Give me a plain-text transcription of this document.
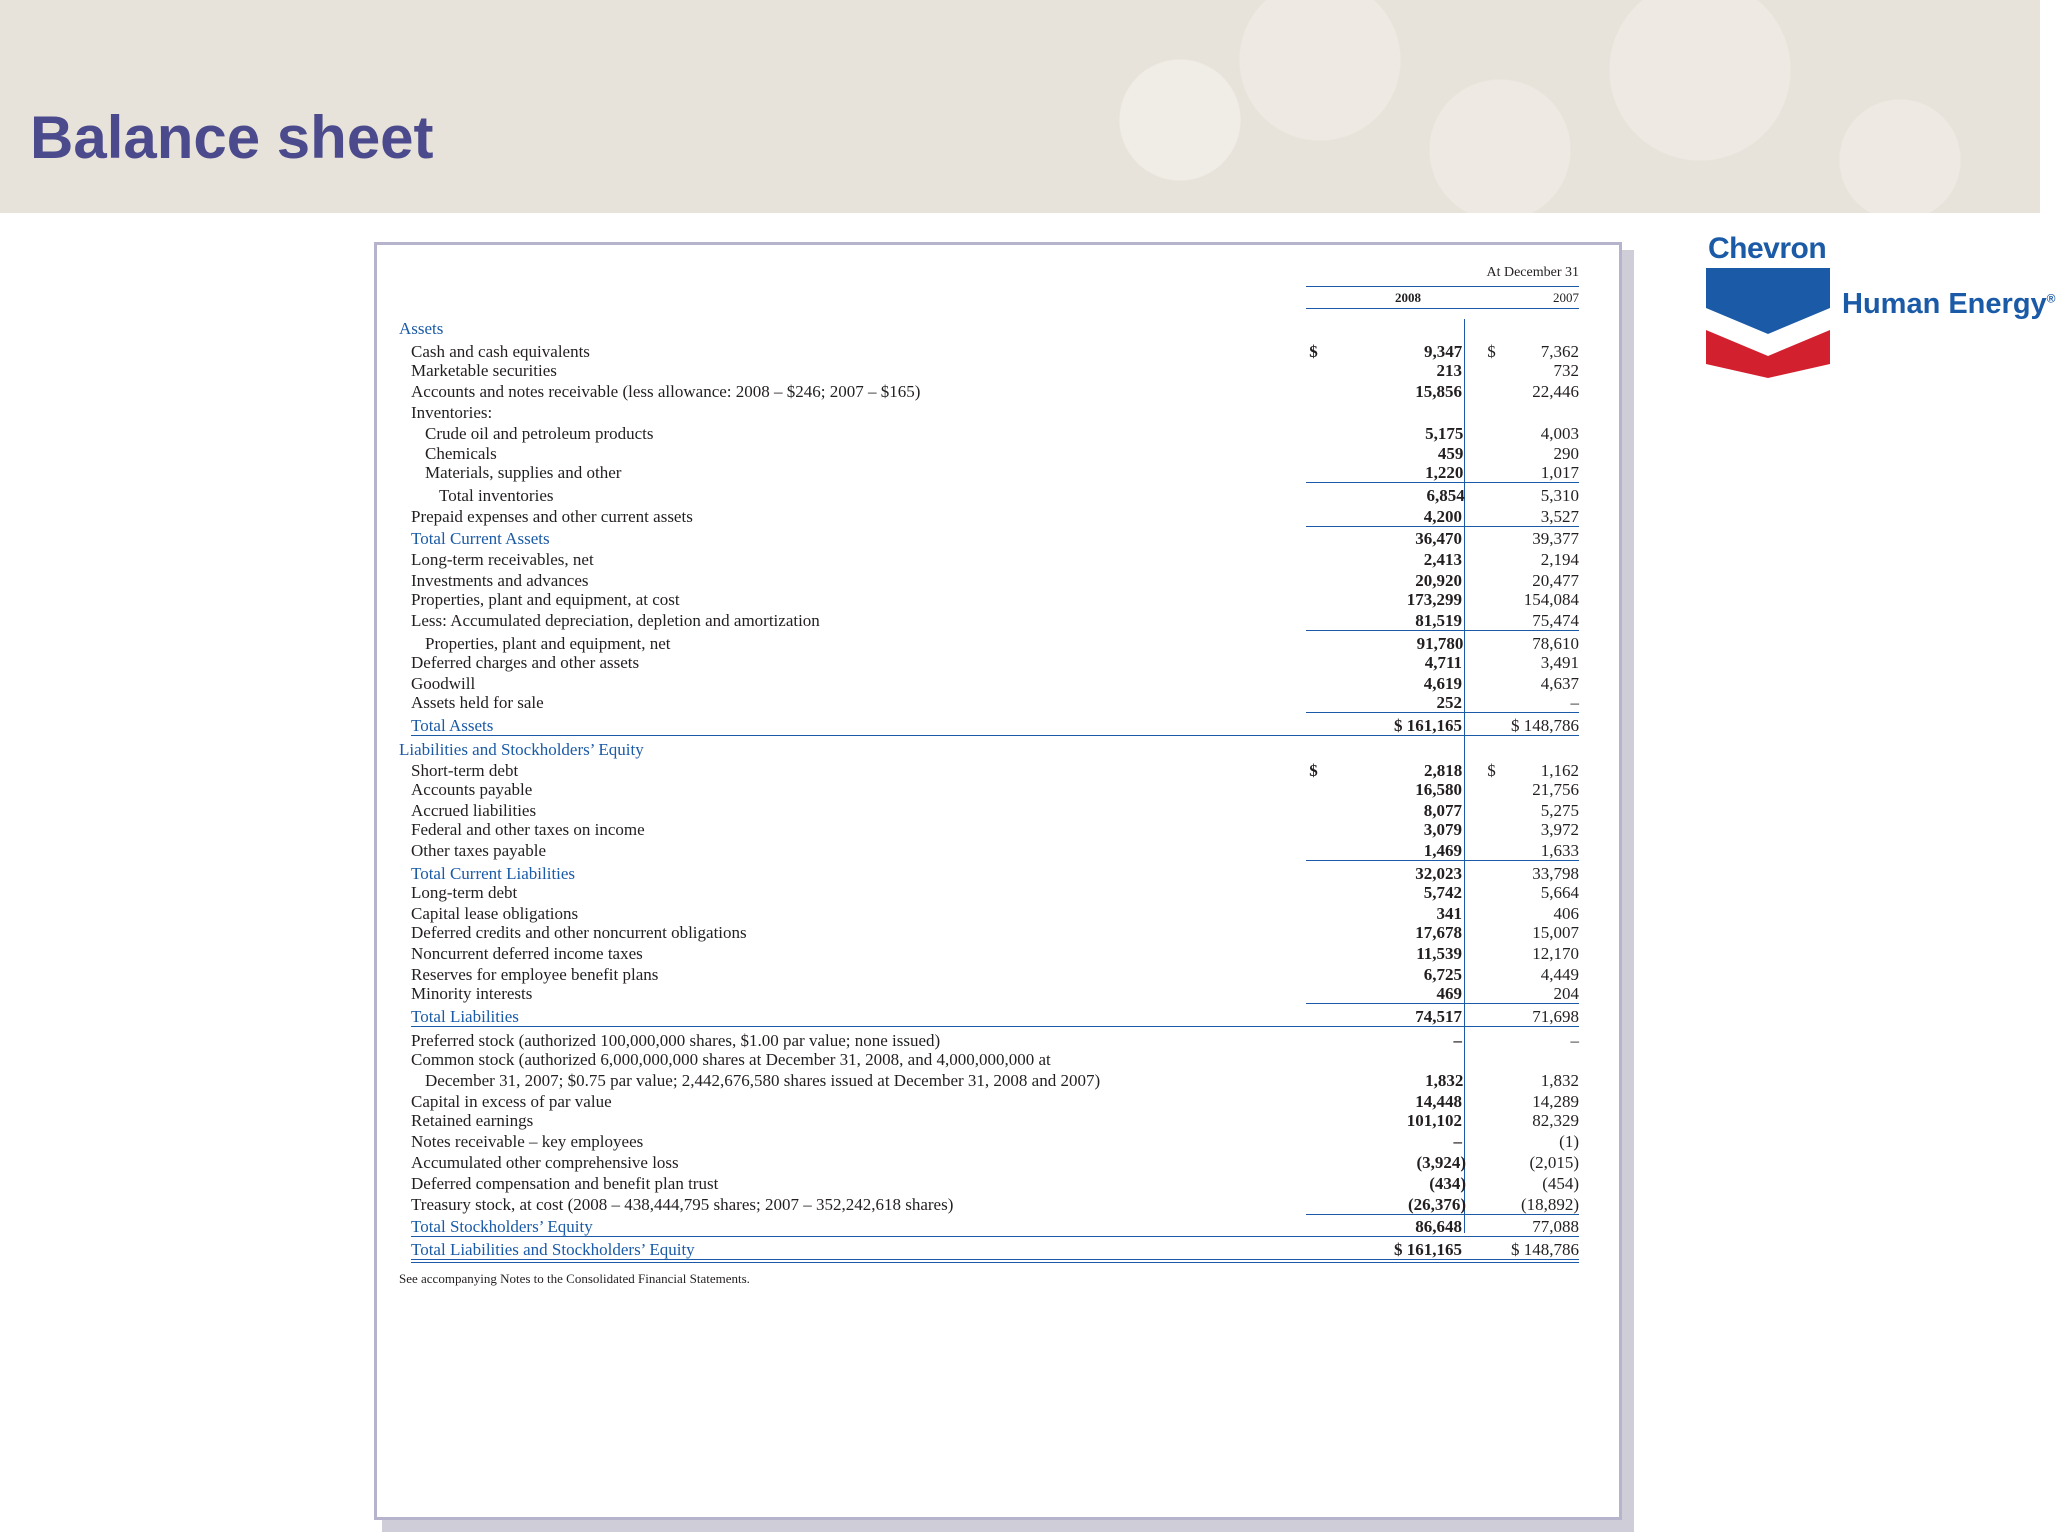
Balance sheet
Chevron
Human Energy®
At December 31
2008	2007
Assets
Cash and cash equivalents	$	9,347 $	7,362
Marketable securities	213	732
Accounts and notes receivable (less allowance: 2008 – $246; 2007 – $165)	15,856	22,446
Inventories:
Crude oil and petroleum products	5,175	4,003
Chemicals	459	290
Materials, supplies and other	1,220	1,017
Total inventories	6,854	5,310
Prepaid expenses and other current assets	4,200	3,527
Total Current Assets	36,470	39,377
Long-term receivables, net	2,413	2,194
Investments and advances	20,920	20,477
Properties, plant and equipment, at cost	173,299	154,084
Less: Accumulated depreciation, depletion and amortization	81,519	75,474
Properties, plant and equipment, net	91,780	78,610
Deferred charges and other assets	4,711	3,491
Goodwill	4,619	4,637
Assets held for sale	252	–
Total Assets	$ 161,165	$ 148,786
Liabilities and Stockholders’ Equity
Short-term debt	$	2,818 $	1,162
Accounts payable	16,580	21,756
Accrued liabilities	8,077	5,275
Federal and other taxes on income	3,079	3,972
Other taxes payable	1,469	1,633
Total Current Liabilities	32,023	33,798
Long-term debt	5,742	5,664
Capital lease obligations	341	406
Deferred credits and other noncurrent obligations	17,678	15,007
Noncurrent deferred income taxes	11,539	12,170
Reserves for employee benefit plans	6,725	4,449
Minority interests	469	204
Total Liabilities	74,517	71,698
Preferred stock (authorized 100,000,000 shares, $1.00 par value; none issued)	–	–
Common stock (authorized 6,000,000,000 shares at December 31, 2008, and 4,000,000,000 at
December 31, 2007; $0.75 par value; 2,442,676,580 shares issued at December 31, 2008 and 2007)	1,832	1,832
Capital in excess of par value	14,448	14,289
Retained earnings	101,102	82,329
Notes receivable – key employees	–	(1)
Accumulated other comprehensive loss	(3,924)	(2,015)
Deferred compensation and benefit plan trust	(434)	(454)
Treasury stock, at cost (2008 – 438,444,795 shares; 2007 – 352,242,618 shares)	(26,376)	(18,892)
Total Stockholders’ Equity	86,648	77,088
Total Liabilities and Stockholders’ Equity	$ 161,165	$ 148,786
See accompanying Notes to the Consolidated Financial Statements.
